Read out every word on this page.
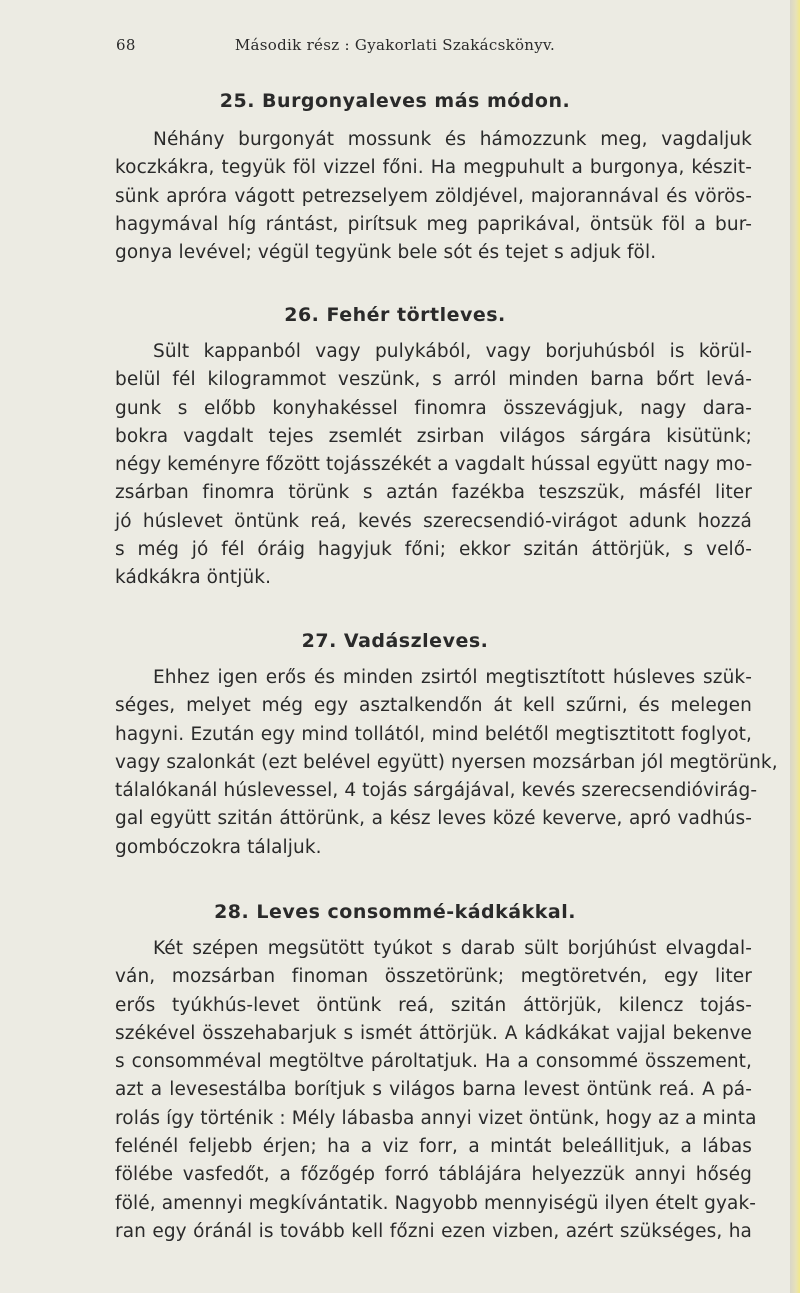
68	Második rész : Gyakorlati Szakácskönyv.
25. Burgonyaleves más módon.
Néhány burgonyát mossunk és hámozzunk meg, vagdaljuk
koczkákra, tegyük föl vizzel főni. Ha megpuhult a burgonya, készit-
sünk apróra vágott petrezselyem zöldjével, majorannával és vörös-
hagymával híg rántást, pirítsuk meg paprikával, öntsük föl a bur-
gonya levével; végül tegyünk bele sót és tejet s adjuk föl.
26. Fehér törtleves.
Sült kappanból vagy pulykából, vagy borjuhúsból is körül-
belül fél kilogrammot veszünk, s arról minden barna bőrt levá-
gunk s előbb konyhakéssel finomra összevágjuk, nagy dara-
bokra vagdalt tejes zsemlét zsirban világos sárgára kisütünk;
négy keményre főzött tojásszékét a vagdalt hússal együtt nagy mo-
zsárban finomra törünk s aztán fazékba teszszük, másfél liter
jó húslevet öntünk reá, kevés szerecsendió-virágot adunk hozzá
s még jó fél óráig hagyjuk főni; ekkor szitán áttörjük, s velő-
kádkákra öntjük.
27. Vadászleves.
Ehhez igen erős és minden zsirtól megtisztított húsleves szük-
séges, melyet még egy asztalkendőn át kell szűrni, és melegen
hagyni. Ezután egy mind tollától, mind belétől megtisztitott foglyot,
vagy szalonkát (ezt belével együtt) nyersen mozsárban jól megtörünk,
tálalókanál húslevessel, 4 tojás sárgájával, kevés szerecsendióvirág-
gal együtt szitán áttörünk, a kész leves közé keverve, apró vadhús-
gombóczokra tálaljuk.
28. Leves consommé-kádkákkal.
Két szépen megsütött tyúkot s darab sült borjúhúst elvagdal-
ván, mozsárban finoman összetörünk; megtöretvén, egy liter
erős tyúkhús-levet öntünk reá, szitán áttörjük, kilencz tojás-
székével összehabarjuk s ismét áttörjük. A kádkákat vajjal bekenve
s consomméval megtöltve pároltatjuk. Ha a consommé összement,
azt a levesestálba borítjuk s világos barna levest öntünk reá. A pá-
rolás így történik : Mély lábasba annyi vizet öntünk, hogy az a minta
felénél feljebb érjen; ha a viz forr, a mintát beleállitjuk, a lábas
fölébe vasfedőt, a főzőgép forró táblájára helyezzük annyi hőség
fölé, amennyi megkívántatik. Nagyobb mennyiségü ilyen ételt gyak-
ran egy óránál is tovább kell főzni ezen vizben, azért szükséges, ha
